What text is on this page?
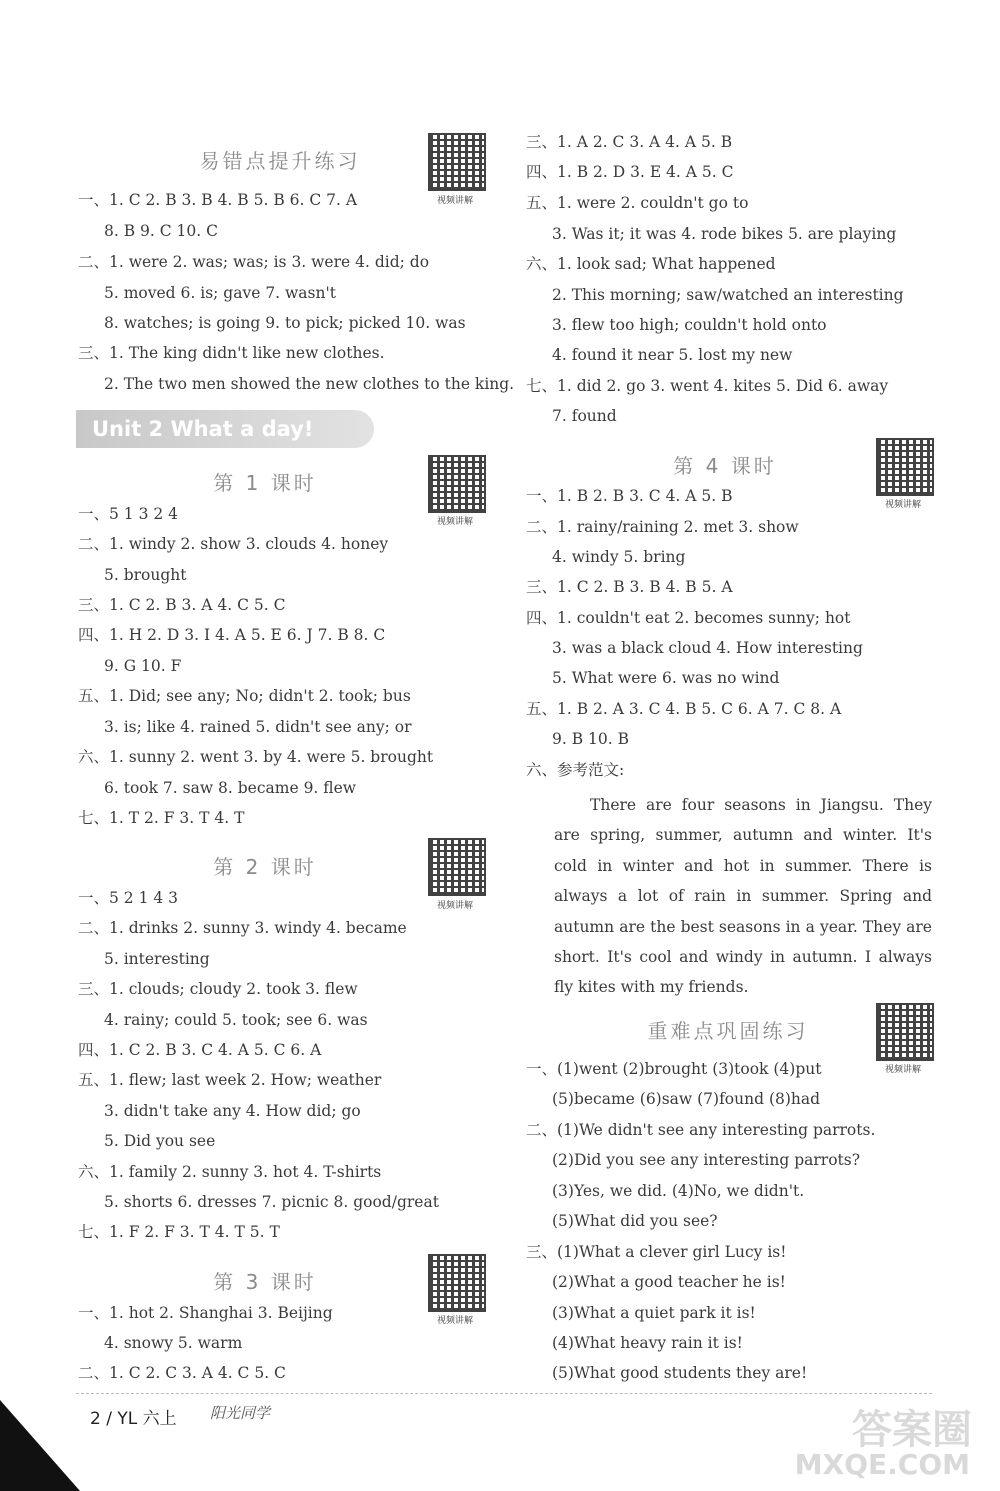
易错点提升练习
视频讲解
一、1. C 2. B 3. B 4. B 5. B 6. C 7. A
8. B 9. C 10. C
二、1. were 2. was; was; is 3. were 4. did; do
5. moved 6. is; gave 7. wasn't
8. watches; is going 9. to pick; picked 10. was
三、1. The king didn't like new clothes.
2. The two men showed the new clothes to the king.
Unit 2 What a day!
第 1 课时
视频讲解
一、5 1 3 2 4
二、1. windy 2. show 3. clouds 4. honey
5. brought
三、1. C 2. B 3. A 4. C 5. C
四、1. H 2. D 3. I 4. A 5. E 6. J 7. B 8. C
9. G 10. F
五、1. Did; see any; No; didn't 2. took; bus
3. is; like 4. rained 5. didn't see any; or
六、1. sunny 2. went 3. by 4. were 5. brought
6. took 7. saw 8. became 9. flew
七、1. T 2. F 3. T 4. T
第 2 课时
视频讲解
一、5 2 1 4 3
二、1. drinks 2. sunny 3. windy 4. became
5. interesting
三、1. clouds; cloudy 2. took 3. flew
4. rainy; could 5. took; see 6. was
四、1. C 2. B 3. C 4. A 5. C 6. A
五、1. flew; last week 2. How; weather
3. didn't take any 4. How did; go
5. Did you see
六、1. family 2. sunny 3. hot 4. T-shirts
5. shorts 6. dresses 7. picnic 8. good/great
七、1. F 2. F 3. T 4. T 5. T
第 3 课时
视频讲解
一、1. hot 2. Shanghai 3. Beijing
4. snowy 5. warm
二、1. C 2. C 3. A 4. C 5. C
三、1. A 2. C 3. A 4. A 5. B
四、1. B 2. D 3. E 4. A 5. C
五、1. were 2. couldn't go to
3. Was it; it was 4. rode bikes 5. are playing
六、1. look sad; What happened
2. This morning; saw/watched an interesting
3. flew too high; couldn't hold onto
4. found it near 5. lost my new
七、1. did 2. go 3. went 4. kites 5. Did 6. away
7. found
第 4 课时
视频讲解
一、1. B 2. B 3. C 4. A 5. B
二、1. rainy/raining 2. met 3. show
4. windy 5. bring
三、1. C 2. B 3. B 4. B 5. A
四、1. couldn't eat 2. becomes sunny; hot
3. was a black cloud 4. How interesting
5. What were 6. was no wind
五、1. B 2. A 3. C 4. B 5. C 6. A 7. C 8. A
9. B 10. B
六、参考范文:
There are four seasons in Jiangsu. They are spring, summer, autumn and winter. It's cold in winter and hot in summer. There is always a lot of rain in summer. Spring and autumn are the best seasons in a year. They are short. It's cool and windy in autumn. I always fly kites with my friends.
重难点巩固练习
视频讲解
一、(1)went (2)brought (3)took (4)put
(5)became (6)saw (7)found (8)had
二、(1)We didn't see any interesting parrots.
(2)Did you see any interesting parrots?
(3)Yes, we did. (4)No, we didn't.
(5)What did you see?
三、(1)What a clever girl Lucy is!
(2)What a good teacher he is!
(3)What a quiet park it is!
(4)What heavy rain it is!
(5)What good students they are!
2 / YL 六上 阳光同学	答案圈
MXQE.COM
